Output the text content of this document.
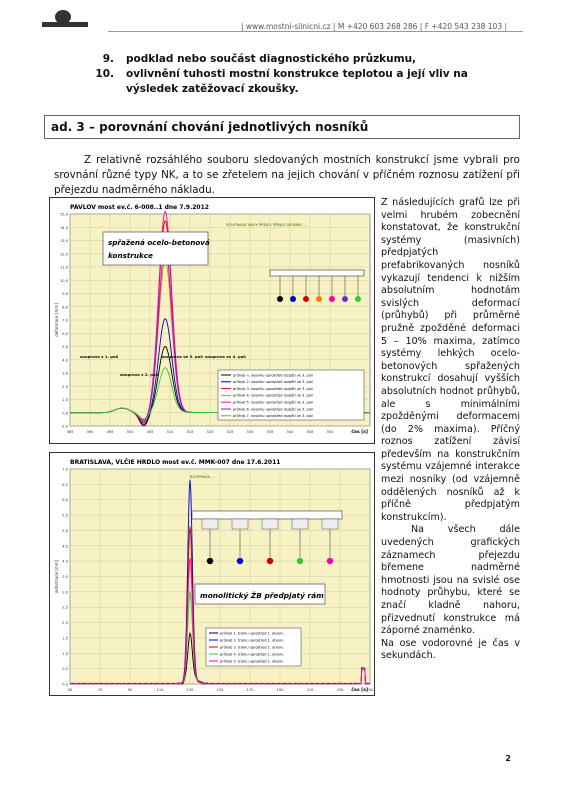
| www.mostni-silnicni.cz | M +420 603 268 286 | F +420 543 238 103 |
9. podklad nebo součást diagnostického průzkumu,
10. ovlivnění tuhosti mostní konstrukce teplotou a její vliv na výsledek zatěžovací zkoušky.
ad. 3 – porovnání chování jednotlivých nosníků
Z relativně rozsáhlého souboru sledovaných mostních konstrukcí jsme vybrali pro srovnání různé typy NK, a to se zřetelem na jejich chování v příčném roznosu zatížení při přejezdu nadměrného nákladu.

Z následujících grafů lze při velmi hrubém zobecnění konstatovat, že konstrukční systémy (masivních) předpjatých prefabrikovaných nosníků vykazují tendenci k nižším absolutním hodnotám svislých deformací (průhybů) při průměrné pružně zpožděné deformaci 5 – 10% maxima, zatímco systémy lehkých ocelo-betonových spřažených konstrukcí dosahují vyšších absolutních hodnot průhybů, ale s minimálními zpožděnými deformacemi (do 2% maxima). Příčný roznos zatížení závisí především na konstrukčním systému vzájemné interakce mezi nosníky (od vzájemně oddělených nosníků až k příčně předpjatým konstrukcím).

Na všech dále uvedených grafických záznamech přejezdu břemene nadměrné hmotnosti jsou na svislé ose hodnoty průhybu, které se značí kladně nahoru, přizvednutí konstrukce má záporné znaménko.

Na ose vodorovné je čas v sekundách.

PAVLOV most ev.č. 6-008..1 dne 7.9.2012
-1,0
0,0
1,0
2,0
3,0
4,0
5,0
6,0
7,0
8,0
9,0
10,0
11,0
12,0
13,0
14,0
15,0
485	490	495	500	505	510	515	520	525	530	535	540	545	550
deformace [mm]
čas [s]
spřažená ocelo-betonová
konstrukce
SOUPRAVA VAHY PŘEJEL PŘEJEL NOSNÍK ...
souprava v 1. poli
souprava v 2. poli
souprava ve 3. poli souprava ve 4. poli
průhyb n. nosníku uprostřed rozpětí ve 3. poli
průhyb 2. nosníku uprostřed rozpětí ve 3. poli
průhyb 3. nosníku uprostřed rozpětí ve 3. poli
průhyb 4. nosníku uprostřed rozpětí ve 3. poli
průhyb 5. nosníku uprostřed rozpětí ve 3. poli
průhyb 6. nosníku uprostřed rozpětí ve 3. poli
průhyb 7. nosníku uprostřed rozpětí ve 3. poli
BRATISLAVA, VLČIE HRDLO most ev.č. MMK-007 dne 17.6.2011
0,0
0,5
1,0
1,5
2,0
2,5
3,0
3,5
4,0
4,5
5,0
5,5
6,0
6,5
7,0
50	70	90	110	130	150	170	190	210	230	250
deformace [mm]
čas [s]
SOUPRAVA ...
monolitický ŽB předpjatý rám
průhyb 1. trámu uprostřed 1. otvoru
průhyb 2. trámu uprostřed 1. otvoru
průhyb 3. trámu uprostřed 1. otvoru
průhyb 4. trámu uprostřed 1. otvoru
průhyb 5. trámu uprostřed 1. otvoru
2
